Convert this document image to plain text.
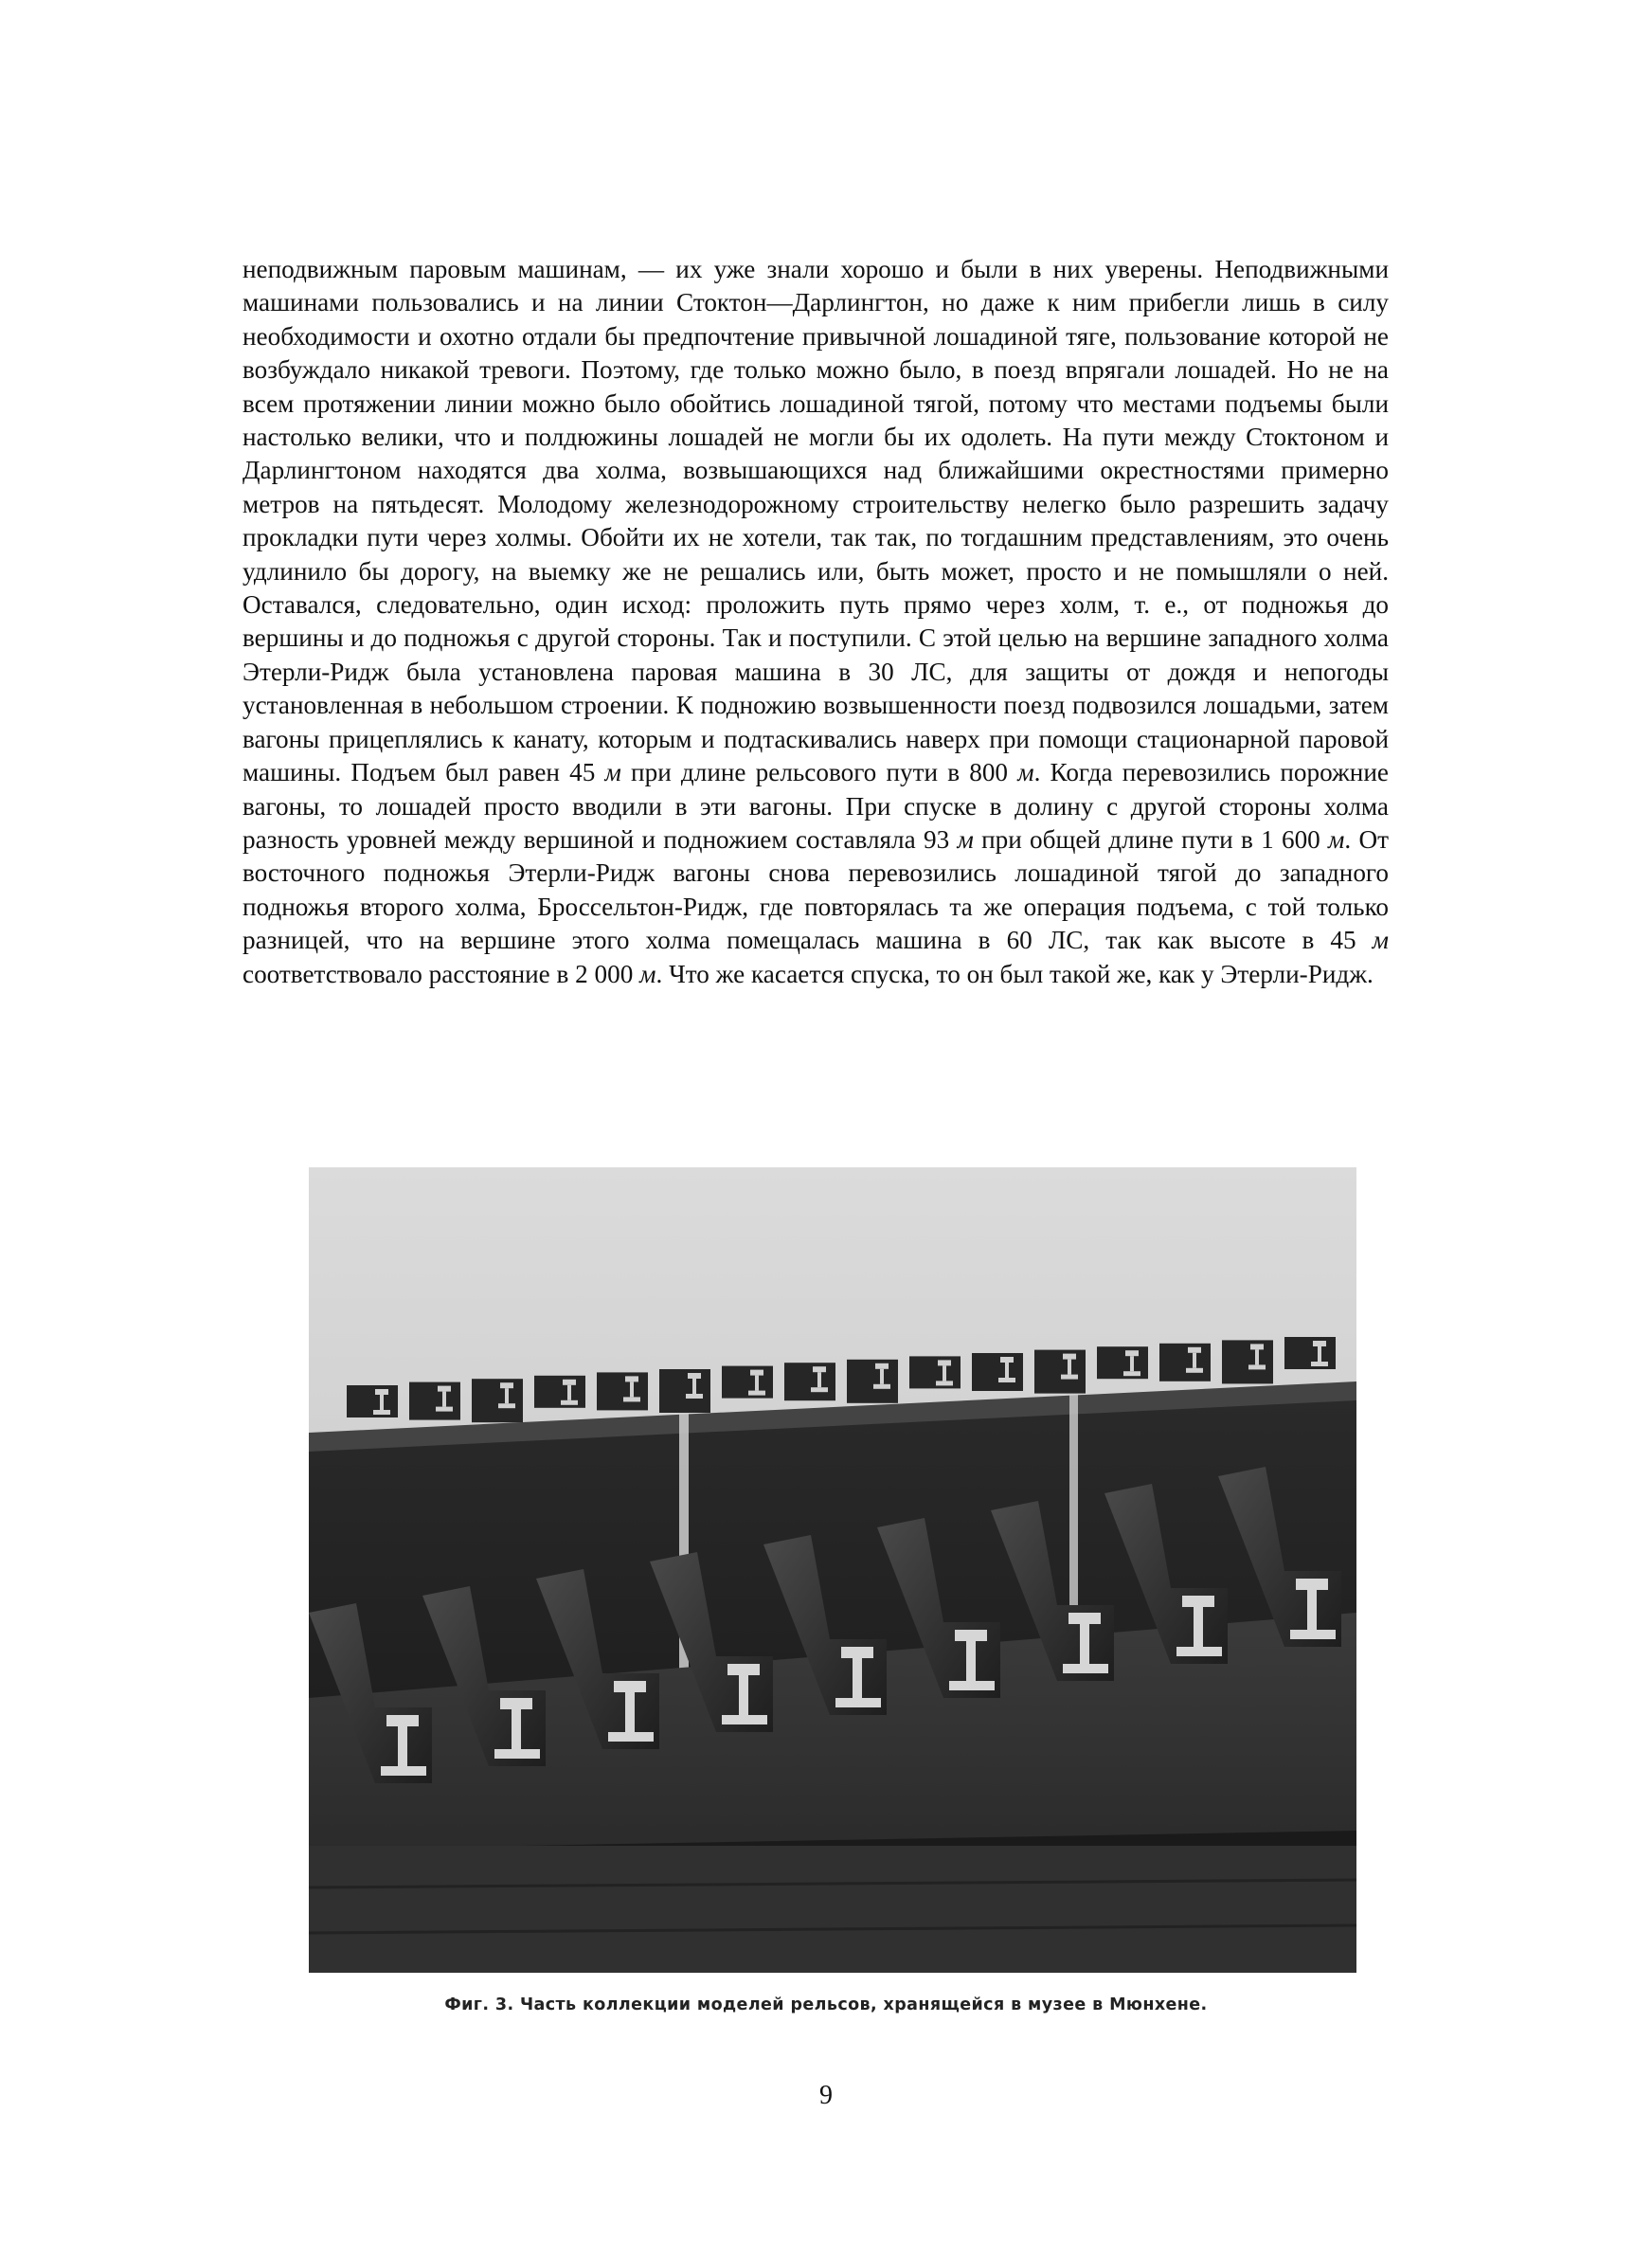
неподвижным паровым машинам, — их уже знали хорошо и были в них уверены. Неподвижными машинами пользовались и на линии Стоктон—Дарлингтон, но даже к ним прибегли лишь в силу необходимости и охотно отдали бы предпочтение привычной лошадиной тяге, пользование которой не возбуждало никакой тревоги. Поэтому, где только можно было, в поезд впрягали лошадей. Но не на всем протяжении линии можно было обойтись лошадиной тягой, потому что местами подъемы были настолько велики, что и полдюжины лошадей не могли бы их одолеть. На пути между Стоктоном и Дарлингтоном находятся два холма, возвышающихся над ближайшими окрестностями примерно метров на пятьдесят. Молодому железнодорожному строительству нелегко было разрешить задачу прокладки пути через холмы. Обойти их не хотели, так так, по тогдашним представлениям, это очень удлинило бы дорогу, на выемку же не решались или, быть может, просто и не помышляли о ней. Оставался, следовательно, один исход: проложить путь прямо через холм, т. е., от подножья до вершины и до подножья с другой стороны. Так и поступили. С этой целью на вершине западного холма Этерли-Ридж была установлена паровая машина в 30 ЛС, для защиты от дождя и непогоды установленная в небольшом строении. К подножию возвышенности поезд подвозился лошадьми, затем вагоны прицеплялись к канату, которым и подтаскивались наверх при помощи стационарной паровой машины. Подъем был равен 45 м при длине рельсового пути в 800 м. Когда перевозились порожние вагоны, то лошадей просто вводили в эти вагоны. При спуске в долину с другой стороны холма разность уровней между вершиной и подножием составляла 93 м при общей длине пути в 1 600 м. От восточного подножья Этерли-Ридж вагоны снова перевозились лошадиной тягой до западного подножья второго холма, Броссельтон-Ридж, где повторялась та же операция подъема, с той только разницей, что на вершине этого холма помещалась машина в 60 ЛС, так как высоте в 45 м соответствовало расстояние в 2 000 м. Что же касается спуска, то он был такой же, как у Этерли-Ридж.

Фиг. 3. Часть коллекции моделей рельсов, хранящейся в музее в Мюнхене.
9
